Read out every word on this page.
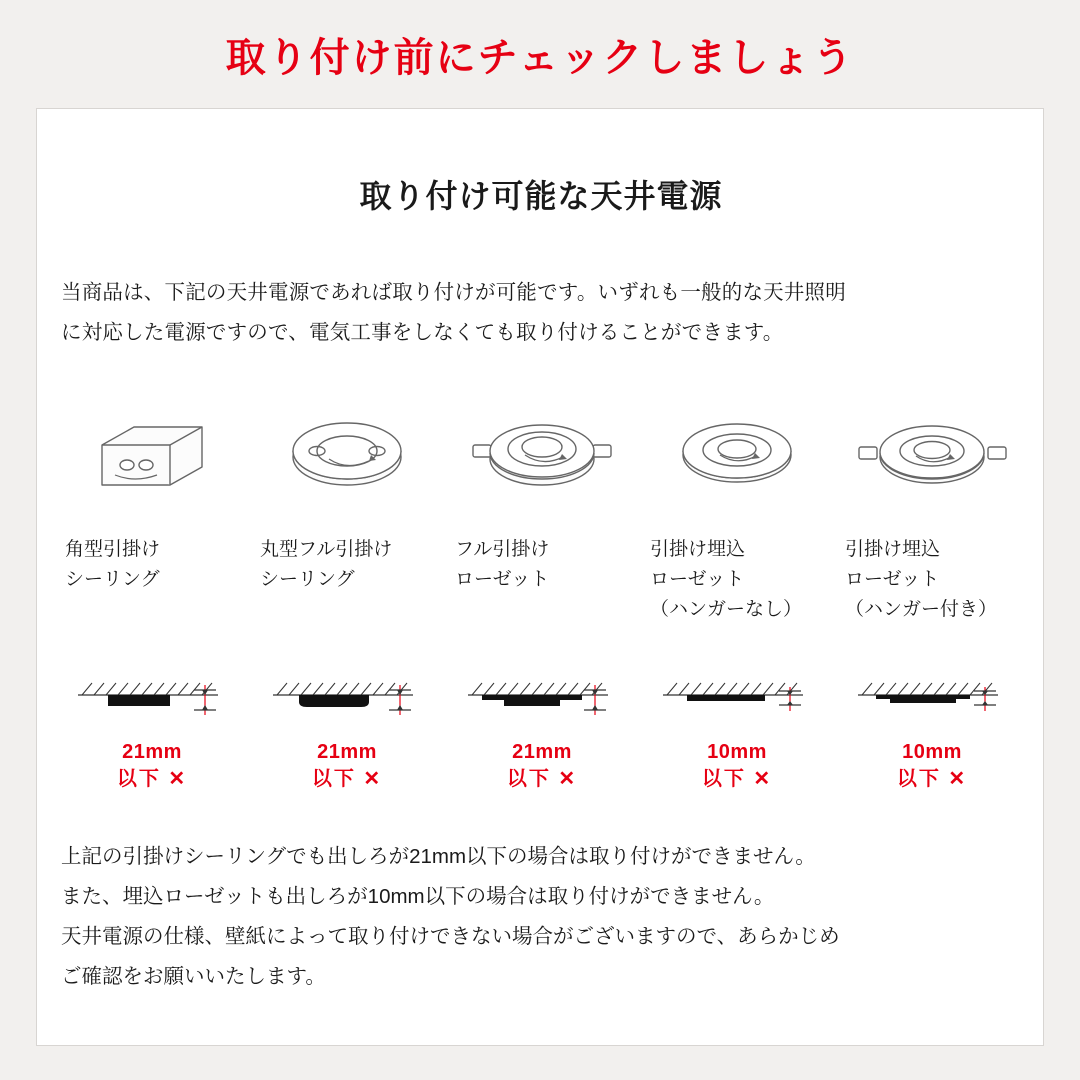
取り付け前にチェックしましょう
取り付け可能な天井電源
当商品は、下記の天井電源であれば取り付けが可能です。いずれも一般的な天井照明
に対応した電源ですので、電気工事をしなくても取り付けることができます。
角型引掛け
シーリング
丸型フル引掛け
シーリング
フル引掛け
ローゼット
引掛け埋込
ローゼット
（ハンガーなし）
引掛け埋込
ローゼット
（ハンガー付き）
21mm
以下 ✕
21mm
以下 ✕
21mm
以下 ✕
10mm
以下 ✕
10mm
以下 ✕
上記の引掛けシーリングでも出しろが21mm以下の場合は取り付けができません。
また、埋込ローゼットも出しろが10mm以下の場合は取り付けができません。
天井電源の仕様、壁紙によって取り付けできない場合がございますので、あらかじめ
ご確認をお願いいたします。
